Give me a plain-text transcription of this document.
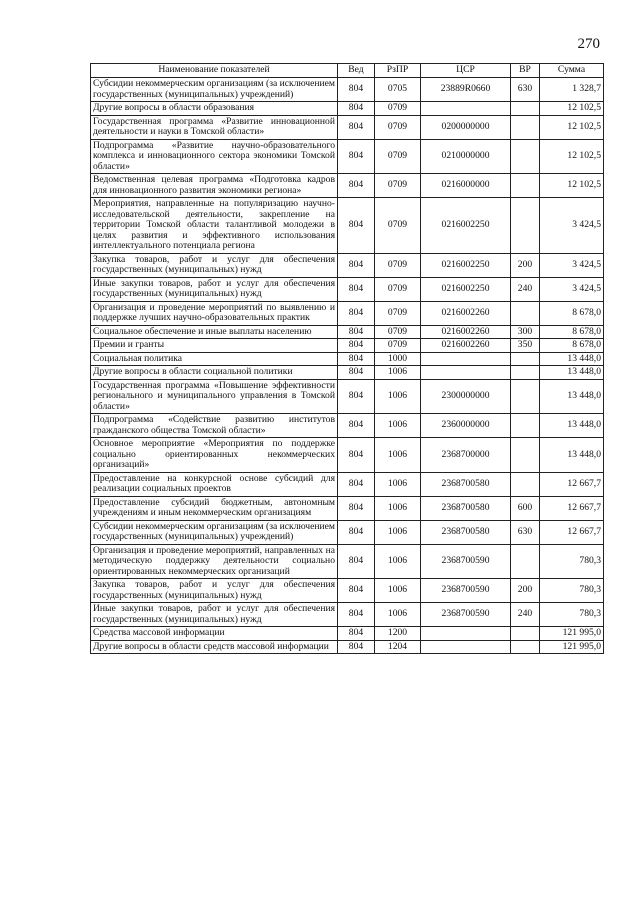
270
Наименование показателей	Вед	РзПР	ЦСР	ВР	Сумма
Субсидии некоммерческим организациям (за исключением государственных (муниципальных) учреждений)	804	0705	23889R0660	630	1 328,7
Другие вопросы в области образования	804	0709			12 102,5
Государственная программа «Развитие инновационной деятельности и науки в Томской области»	804	0709	0200000000		12 102,5
Подпрограмма «Развитие научно-образовательного комплекса и инновационного сектора экономики Томской области»	804	0709	0210000000		12 102,5
Ведомственная целевая программа «Подготовка кадров для инновационного развития экономики региона»	804	0709	0216000000		12 102,5
Мероприятия, направленные на популяризацию научно-исследовательской деятельности, закрепление на территории Томской области талантливой молодежи в целях развития и эффективного использования интеллектуального потенциала региона	804	0709	0216002250		3 424,5
Закупка товаров, работ и услуг для обеспечения государственных (муниципальных) нужд	804	0709	0216002250	200	3 424,5
Иные закупки товаров, работ и услуг для обеспечения государственных (муниципальных) нужд	804	0709	0216002250	240	3 424,5
Организация и проведение мероприятий по выявлению и поддержке лучших научно-образовательных практик	804	0709	0216002260		8 678,0
Социальное обеспечение и иные выплаты населению	804	0709	0216002260	300	8 678,0
Премии и гранты	804	0709	0216002260	350	8 678,0
Социальная политика	804	1000			13 448,0
Другие вопросы в области социальной политики	804	1006			13 448,0
Государственная программа «Повышение эффективности регионального и муниципального управления в Томской области»	804	1006	2300000000		13 448,0
Подпрограмма «Содействие развитию институтов гражданского общества Томской области»	804	1006	2360000000		13 448,0
Основное мероприятие «Мероприятия по поддержке социально ориентированных некоммерческих организаций»	804	1006	2368700000		13 448,0
Предоставление на конкурсной основе субсидий для реализации социальных проектов	804	1006	2368700580		12 667,7
Предоставление субсидий бюджетным, автономным учреждениям и иным некоммерческим организациям	804	1006	2368700580	600	12 667,7
Субсидии некоммерческим организациям (за исключением государственных (муниципальных) учреждений)	804	1006	2368700580	630	12 667,7
Организация и проведение мероприятий, направленных на методическую поддержку деятельности социально ориентированных некоммерческих организаций	804	1006	2368700590		780,3
Закупка товаров, работ и услуг для обеспечения государственных (муниципальных) нужд	804	1006	2368700590	200	780,3
Иные закупки товаров, работ и услуг для обеспечения государственных (муниципальных) нужд	804	1006	2368700590	240	780,3
Средства массовой информации	804	1200			121 995,0
Другие вопросы в области средств массовой информации	804	1204			121 995,0
